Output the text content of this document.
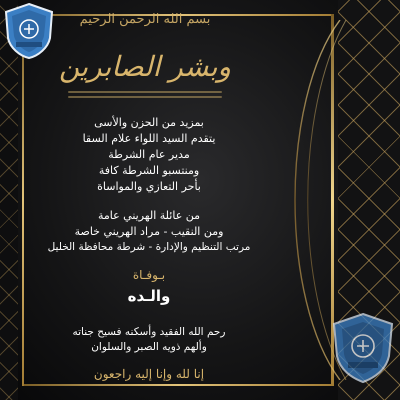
بسم الله الرحمن الرحيم
وبشر الصابرين
بمزيد من الحزن والأسى
يتقدم السيد اللواء علام السقا
مدير عام الشرطة
ومنتسبو الشرطة كافة
بأحر التعازي والمواساة
من عائلة الهريني عامة
ومن النقيب - مراد الهريني خاصة
مرتب التنظيم والإدارة - شرطة محافظة الخليل
بـوفـاة
والـده
رحم الله الفقيد وأسكنه فسيح جناته
وألهم ذويه الصبر والسلوان
إنا لله وإنا إليه راجعون
